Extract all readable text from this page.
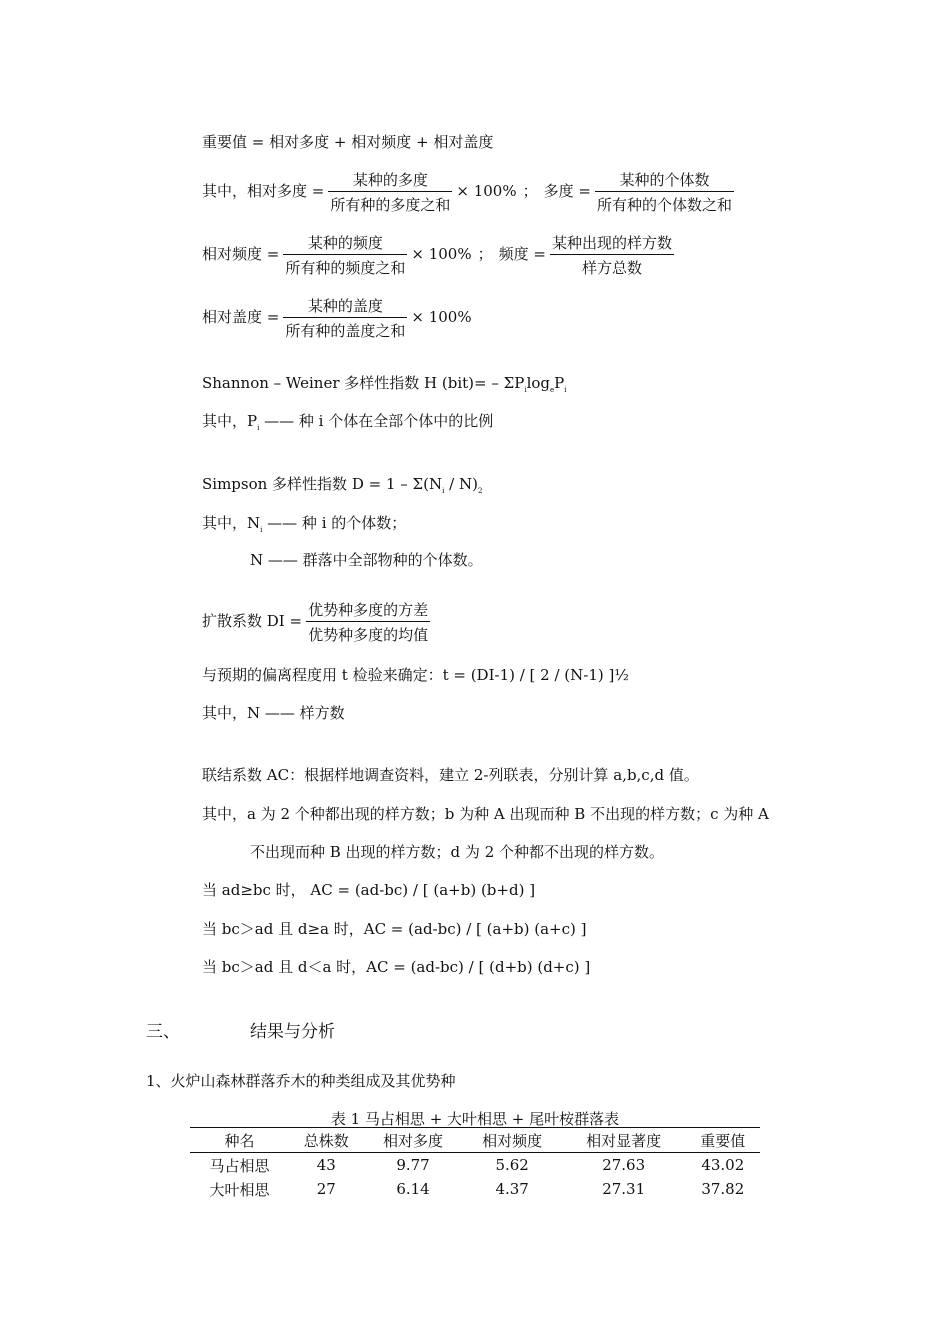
重要值 = 相对多度 + 相对频度 + 相对盖度
其中，相对多度 = $\frac{\text{某种的多度}}{\text{所有种的多度之和}} \times 100\%$ ； 多度 = $\frac{\text{某种的个体数}}{\text{所有种的个体数之和}}$
相对频度 = $\frac{\text{某种的频度}}{\text{所有种的频度之和}} \times 100\%$ ； 频度 = $\frac{\text{某种出现的样方数}}{\text{样方总数}}$
相对盖度 = $\frac{\text{某种的盖度}}{\text{所有种的盖度之和}} \times 100\%$
Shannon – Weiner 多样性指数 H $(bit)= - \Sigma P_i\log_eP_i$
其中，$P_i$ —— 种 i 个体在全部个体中的比例
Simpson 多样性指数 $D = 1 - \Sigma(N_i / N)_2$
其中，$N_i$ —— 种 i 的个体数；
N —— 群落中全部物种的个体数。
扩散系数 DI = $\frac{\text{优势种多度的方差}}{\text{优势种多度的均值}}$
与预期的偏离程度用 t 检验来确定：t = (DI-1) / [ 2 / (N-1) ]½
其中，N —— 样方数
联结系数 AC：根据样地调查资料，建立 2-列联表，分别计算 a,b,c,d 值。
其中，a 为 2 个种都出现的样方数；b 为种 A 出现而种 B 不出现的样方数；c 为种 A
不出现而种 B 出现的样方数；d 为 2 个种都不出现的样方数。
当 ad≥bc 时， AC = (ad-bc) / [ (a+b) (b+d) ]
当 bc＞ad 且 d≥a 时，AC = (ad-bc) / [ (a+b) (a+c) ]
当 bc＞ad 且 d＜a 时，AC = (ad-bc) / [ (d+b) (d+c) ]
三、	结果与分析
1、火炉山森林群落乔木的种类组成及其优势种
表 1 马占相思 + 大叶相思 + 尾叶桉群落表
种名	总株数	相对多度	相对频度	相对显著度	重要值
马占相思	43	9.77	5.62	27.63	43.02
大叶相思	27	6.14	4.37	27.31	37.82
